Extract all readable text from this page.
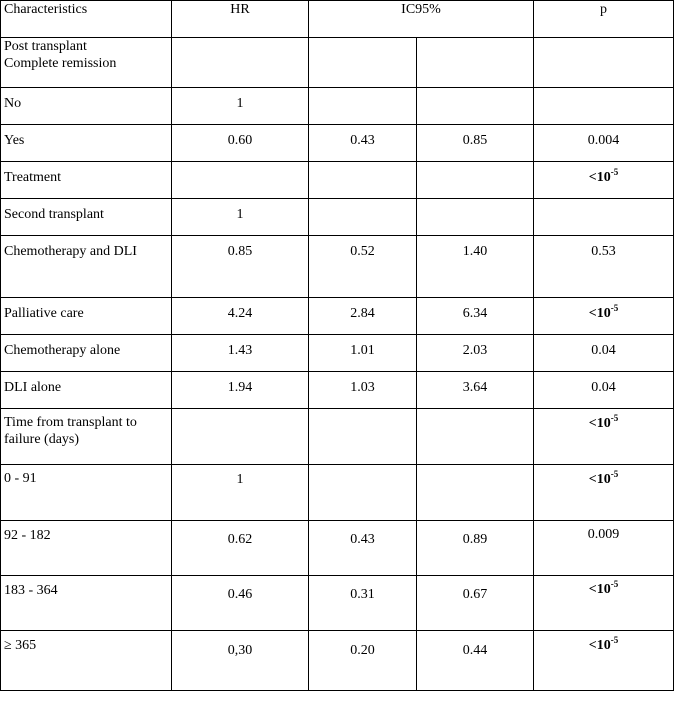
Characteristics	HR	IC95%		p
Post transplant
Complete remission				
No	1			
Yes	0.60	0.43	0.85	0.004
Treatment				$<10^{-5}$
Second transplant	1			
Chemotherapy and DLI	0.85	0.52	1.40	0.53
Palliative care	4.24	2.84	6.34	$<10^{-5}$
Chemotherapy alone	1.43	1.01	2.03	0.04
DLI alone	1.94	1.03	3.64	0.04
Time from transplant to
failure (days)				$<10^{-5}$
0 - 91	1			$<10^{-5}$
92 - 182	0.62	0.43	0.89	0.009
183 - 364	0.46	0.31	0.67	$<10^{-5}$
≥ 365	0,30	0.20	0.44	$<10^{-5}$
